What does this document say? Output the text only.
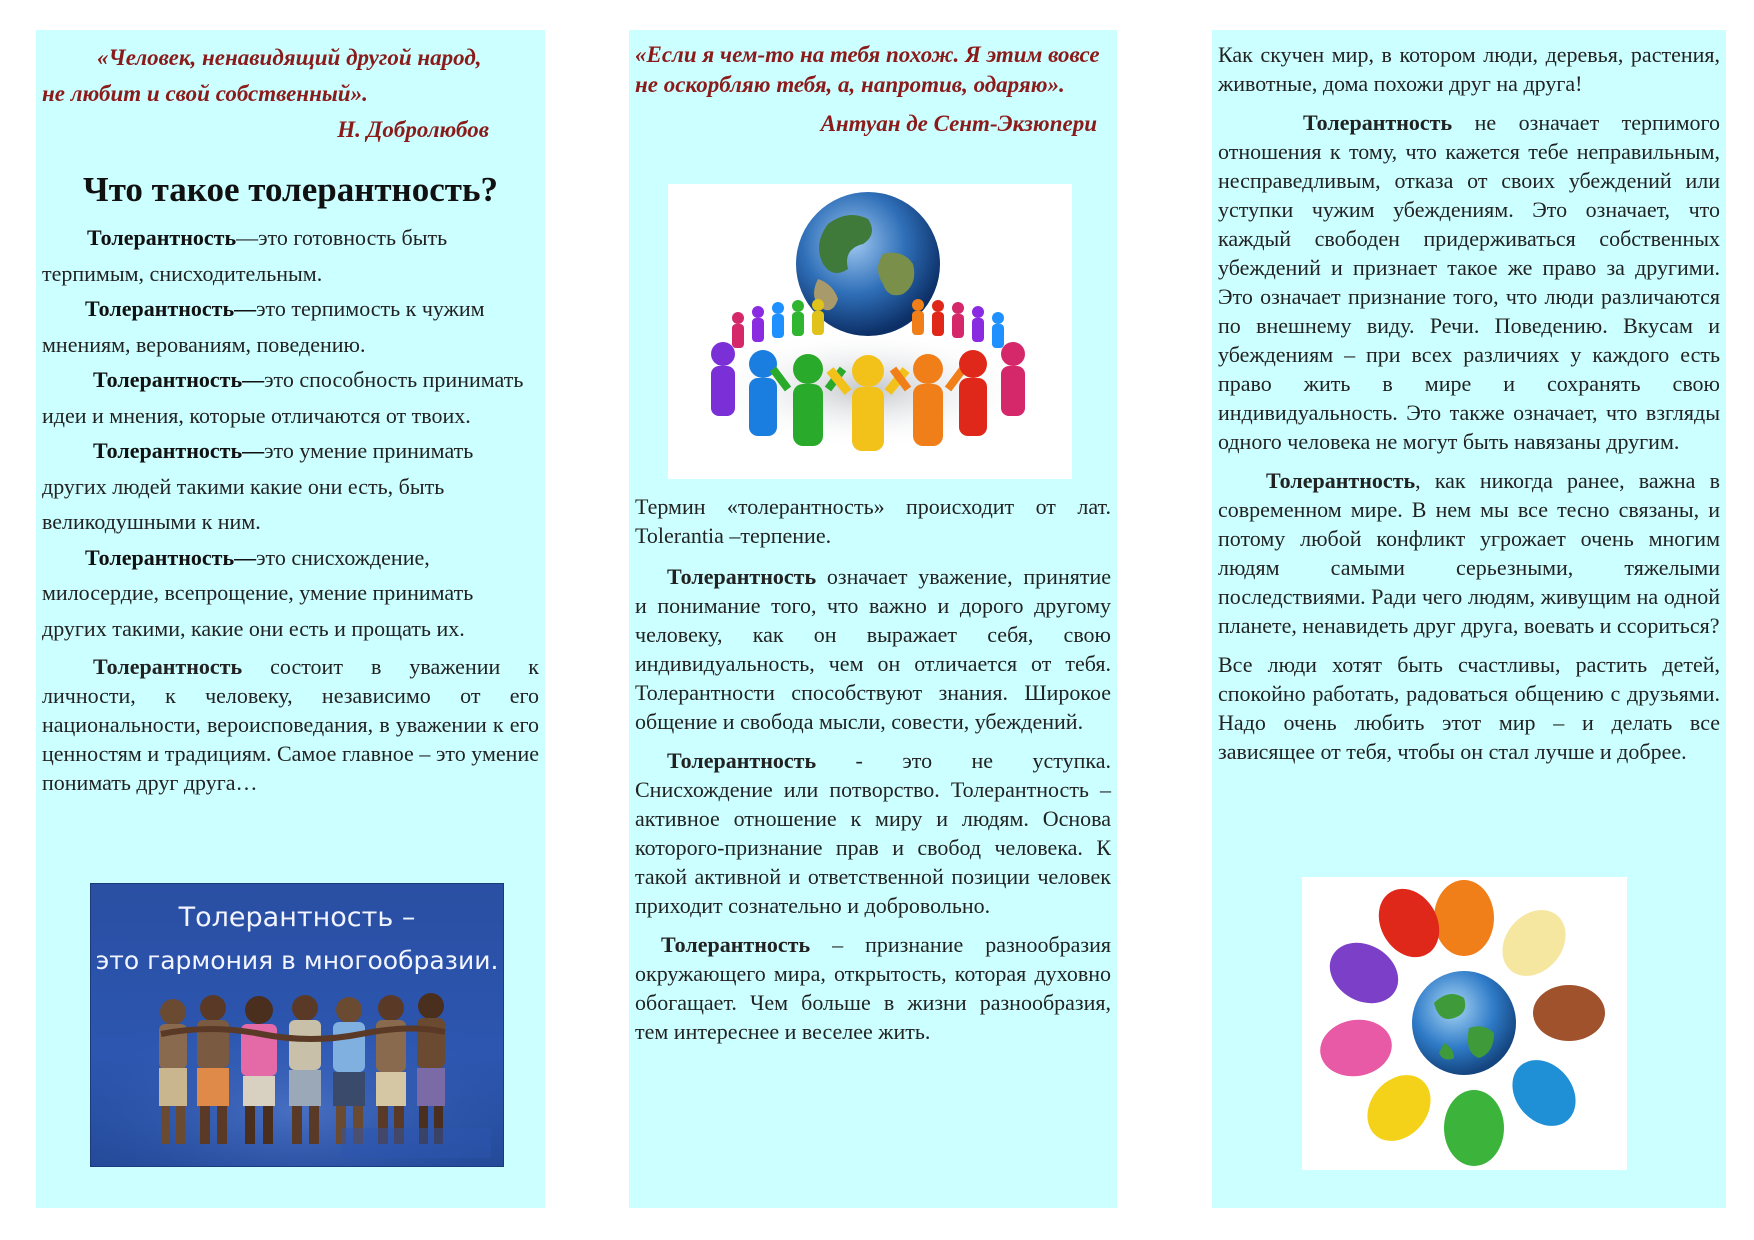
«Человек, ненавидящий другой народ,

не любит и свой собственный».

Н. Добролюбов
Что такое толерантность?

Толерантность—это готовность быть терпимым, снисходительным.

Толерантность—это терпимость к чужим мнениям, верованиям, поведению.

Толерантность—это способность принимать идеи и мнения, которые отличаются от твоих.

Толерантность—это умение принимать других людей такими какие они есть, быть великодушными к ним.

Толерантность—это снисхождение, милосердие, всепрощение, умение принимать других такими, какие они есть и прощать их.

Толерантность состоит в уважении к личности, к человеку, независимо от его национальности, вероисповедания, в уважении к его ценностям и традициям. Самое главное – это умение понимать друг друга…

Толерантность –
это гармония в многообразии.

«Если я чем-то на тебя похож. Я этим вовсе не оскорбляю тебя, а, напротив, одаряю».

Антуан де Сент-Экзюпери

Термин «толерантность» происходит от лат. Tolerantia –терпение.

Толерантность означает уважение, принятие и понимание того, что важно и дорого другому человеку, как он выражает себя, свою индивидуальность, чем он отличается от тебя. Толерантности способствуют знания. Широкое общение и свобода мысли, совести, убеждений.

Толерантность - это не уступка. Снисхождение или потворство. Толерантность – активное отношение к миру и людям. Основа которого-признание прав и свобод человека. К такой активной и ответственной позиции человек приходит сознательно и добровольно.

Толерантность – признание разнообразия окружающего мира, открытость, которая духовно обогащает. Чем больше в жизни разнообразия, тем интереснее и веселее жить.

Как скучен мир, в котором люди, деревья, растения, животные, дома похожи друг на друга!

Толерантность не означает терпимого отношения к тому, что кажется тебе неправильным, несправедливым, отказа от своих убеждений или уступки чужим убеждениям. Это означает, что каждый свободен придерживаться собственных убеждений и признает такое же право за другими. Это означает признание того, что люди различаются по внешнему виду. Речи. Поведению. Вкусам и убеждениям – при всех различиях у каждого есть право жить в мире и сохранять свою индивидуальность. Это также означает, что взгляды одного человека не могут быть навязаны другим.

Толерантность, как никогда ранее, важна в современном мире. В нем мы все тесно связаны, и потому любой конфликт угрожает очень многим людям самыми серьезными, тяжелыми последствиями. Ради чего людям, живущим на одной планете, ненавидеть друг друга, воевать и ссориться?

Все люди хотят быть счастливы, растить детей, спокойно работать, радоваться общению с друзьями. Надо очень любить этот мир – и делать все зависящее от тебя, чтобы он стал лучше и добрее.
